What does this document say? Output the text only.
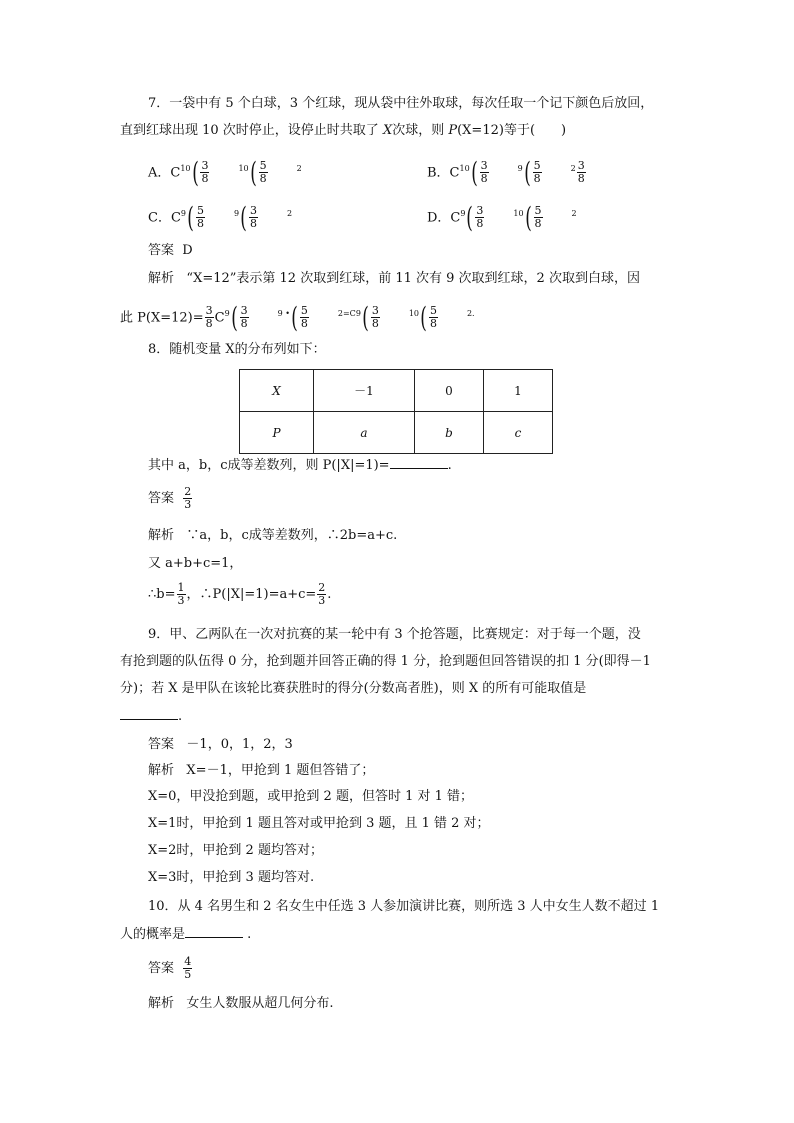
7．一袋中有 5 个白球，3 个红球，现从袋中往外取球，每次任取一个记下颜色后放回，
直到红球出现 10 次时停止，设停止时共取了 X次球，则 P(X=12)等于(　　)
A．$C^{10}( \frac{3}{8}$	$^{10}( \frac{5}{8}$	$^2$	B．$C^{10}( \frac{3}{8}$	$^9( \frac{5}{8}$	$^2 \frac{3}{8}$
C．$C^9( \frac{5}{8}$	$^9( \frac{3}{8}$	$^2$	D．$C^9( \frac{3}{8}$	$^{10}( \frac{5}{8}$	$^2$
答案 D
解析 “X=12”表示第 12 次取到红球，前 11 次有 9 次取到红球，2 次取到白球，因
此 $P(X=12)= \frac{3}{8} C^9( \frac{3}{8}$	$^{9 •}( \frac{5}{8}$	$^{2=C9}( \frac{3}{8}$	$^{10}( \frac{5}{8}$	$^{2.}$
8．随机变量 X的分布列如下：
X	－1	0	1
P	a	b	c
其中 a，b，c成等差数列，则 P(|X|=1)=	.
答案 $\frac{2}{3}$
解析 ∵a，b，c成等差数列，∴2b=a+c.
又 a+b+c=1，
∴b= $\frac{1}{3}$ ，∴P(|X|=1)=a+c= $\frac{2}{3}$ .
9．甲、乙两队在一次对抗赛的某一轮中有 3 个抢答题，比赛规定：对于每一个题，没
有抢到题的队伍得 0 分，抢到题并回答正确的得 1 分，抢到题但回答错误的扣 1 分(即得－1
分)；若 X 是甲队在该轮比赛获胜时的得分(分数高者胜)，则 X 的所有可能取值是
.
答案 －1，0，1，2，3
解析 X=－1，甲抢到 1 题但答错了；
X=0，甲没抢到题，或甲抢到 2 题，但答时 1 对 1 错；
X=1时，甲抢到 1 题且答对或甲抢到 3 题，且 1 错 2 对；
X=2时，甲抢到 2 题均答对；
X=3时，甲抢到 3 题均答对.
10．从 4 名男生和 2 名女生中任选 3 人参加演讲比赛，则所选 3 人中女生人数不超过 1
人的概率是	.
答案 $\frac{4}{5}$
解析 女生人数服从超几何分布.
